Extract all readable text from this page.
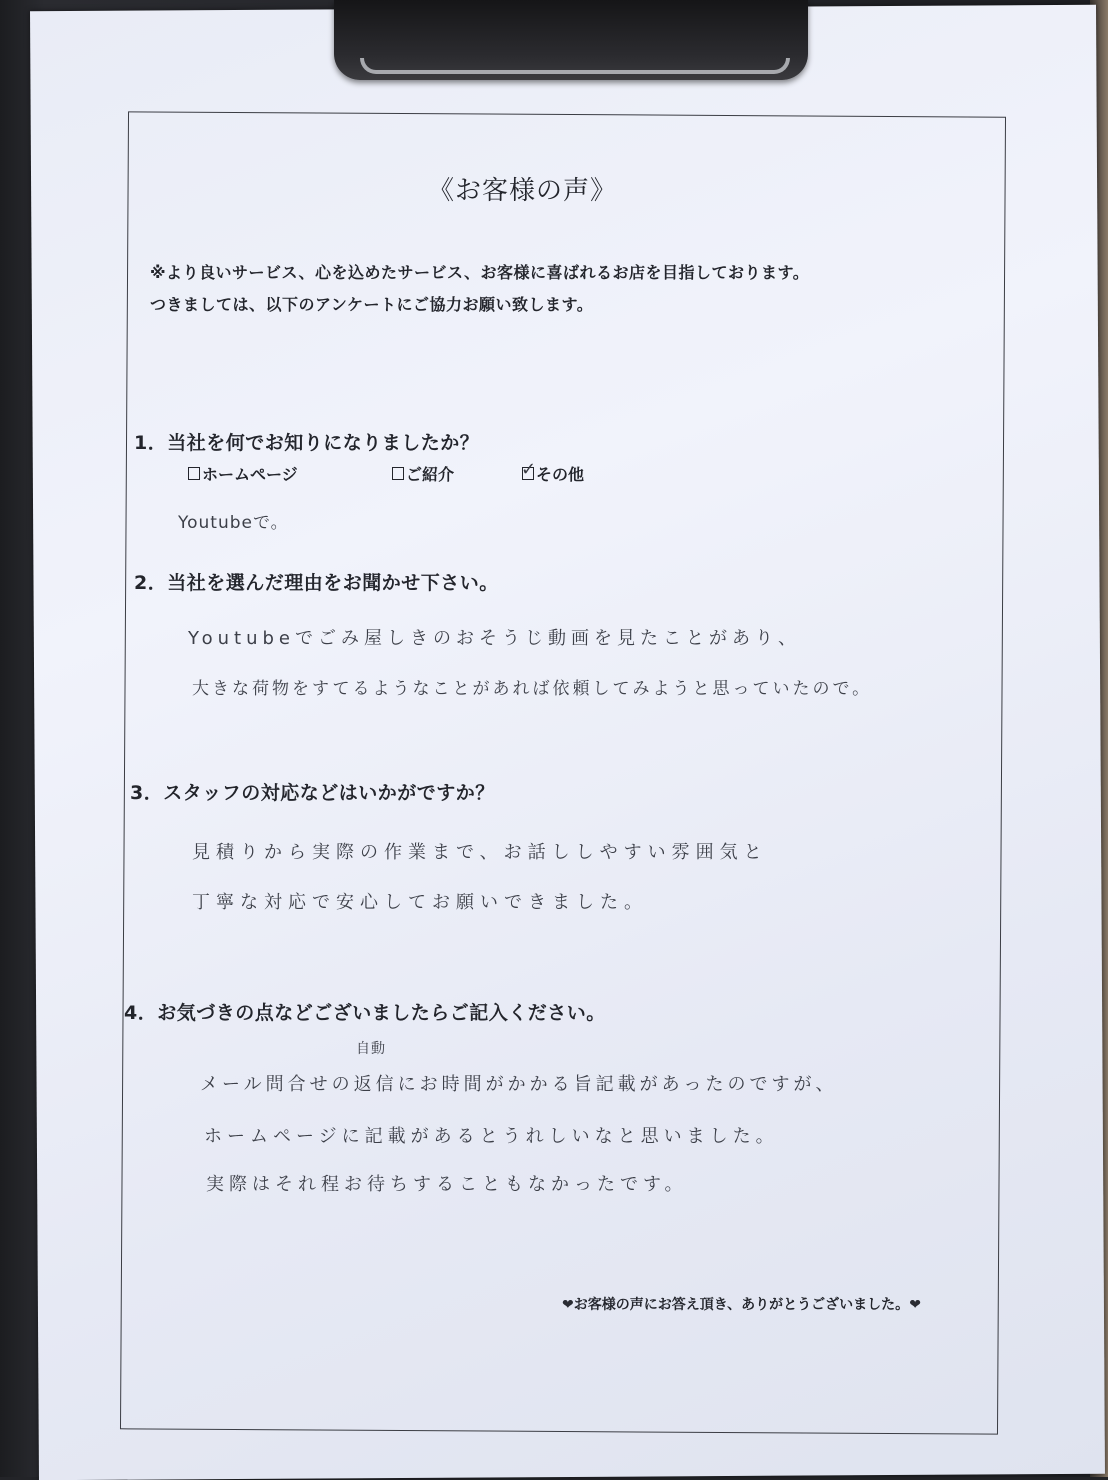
《お客様の声》
※より良いサービス、心を込めたサービス、お客様に喜ばれるお店を目指しております。
つきましては、以下のアンケートにご協力お願い致します。
1．当社を何でお知りになりましたか？
ホームページ	ご紹介	✓ その他
Youtubeで。
2．当社を選んだ理由をお聞かせ下さい。
Youtubeでごみ屋しきのおそうじ動画を見たことがあり、
大きな荷物をすてるようなことがあれば依頼してみようと思っていたので。
3．スタッフの対応などはいかがですか？
見積りから実際の作業まで、お話ししやすい雰囲気と
丁寧な対応で安心してお願いできました。
4．お気づきの点などございましたらご記入ください。
自動
メール問合せの返信にお時間がかかる旨記載があったのですが、
ホームページに記載があるとうれしいなと思いました。
実際はそれ程お待ちすることもなかったです。
❤お客様の声にお答え頂き、ありがとうございました。❤
